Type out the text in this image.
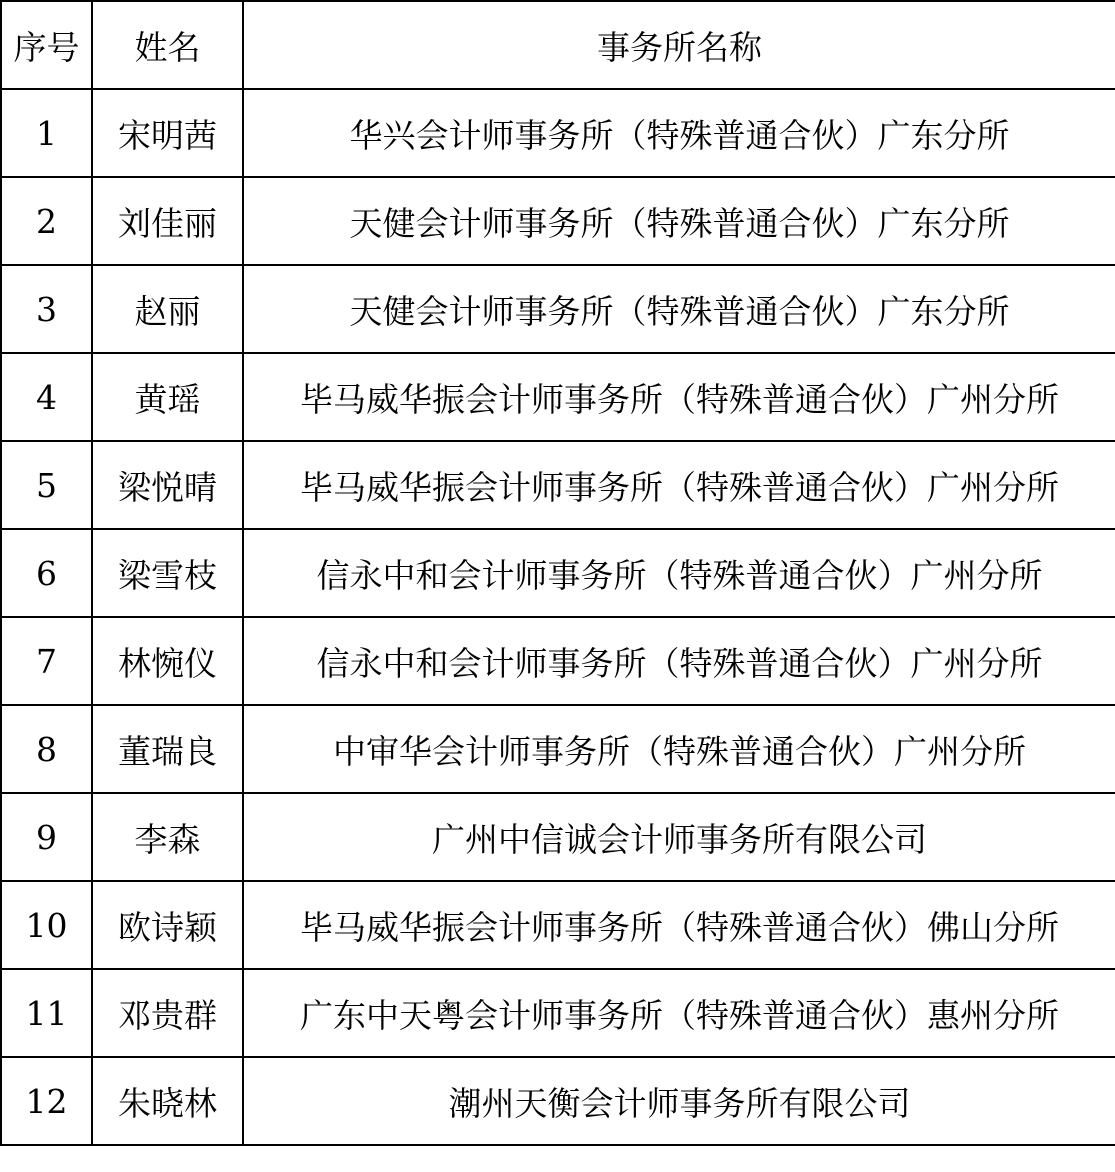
序号	姓名	事务所名称
1	宋明茜	华兴会计师事务所（特殊普通合伙）广东分所
2	刘佳丽	天健会计师事务所（特殊普通合伙）广东分所
3	赵丽	天健会计师事务所（特殊普通合伙）广东分所
4	黄瑶	毕马威华振会计师事务所（特殊普通合伙）广州分所
5	梁悦晴	毕马威华振会计师事务所（特殊普通合伙）广州分所
6	梁雪枝	信永中和会计师事务所（特殊普通合伙）广州分所
7	林惋仪	信永中和会计师事务所（特殊普通合伙）广州分所
8	董瑞良	中审华会计师事务所（特殊普通合伙）广州分所
9	李森	广州中信诚会计师事务所有限公司
10	欧诗颖	毕马威华振会计师事务所（特殊普通合伙）佛山分所
11	邓贵群	广东中天粤会计师事务所（特殊普通合伙）惠州分所
12	朱晓林	潮州天衡会计师事务所有限公司
